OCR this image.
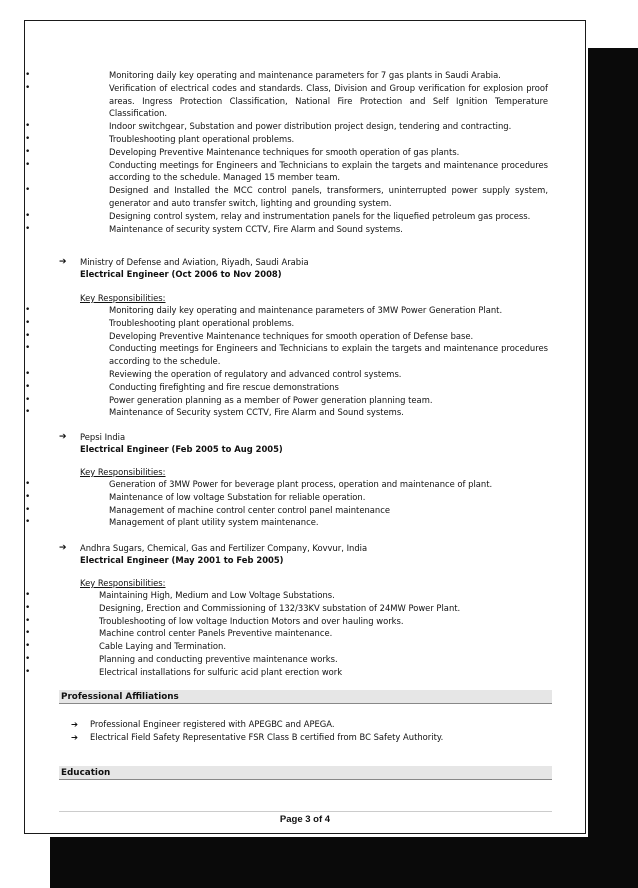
•	Monitoring daily key operating and maintenance parameters for 7 gas plants in Saudi Arabia.
•	Verification of electrical codes and standards. Class, Division and Group verification for explosion proof areas. Ingress Protection Classification, National Fire Protection and Self Ignition Temperature Classification.
•	Indoor switchgear, Substation and power distribution project design, tendering and contracting.
•	Troubleshooting plant operational problems.
•	Developing Preventive Maintenance techniques for smooth operation of gas plants.
•	Conducting meetings for Engineers and Technicians to explain the targets and maintenance procedures according to the schedule. Managed 15 member team.
•	Designed and Installed the MCC control panels, transformers, uninterrupted power supply system, generator and auto transfer switch, lighting and grounding system.
•	Designing control system, relay and instrumentation panels for the liquefied petroleum gas process.
•	Maintenance of security system CCTV, Fire Alarm and Sound systems.
➔ Ministry of Defense and Aviation, Riyadh, Saudi Arabia
Electrical Engineer (Oct 2006 to Nov 2008)
Key Responsibilities:
•	Monitoring daily key operating and maintenance parameters of 3MW Power Generation Plant.
•	Troubleshooting plant operational problems.
•	Developing Preventive Maintenance techniques for smooth operation of Defense base.
•	Conducting meetings for Engineers and Technicians to explain the targets and maintenance procedures according to the schedule.
•	Reviewing the operation of regulatory and advanced control systems.
•	Conducting firefighting and fire rescue demonstrations
•	Power generation planning as a member of Power generation planning team.
•	Maintenance of Security system CCTV, Fire Alarm and Sound systems.
➔ Pepsi India
Electrical Engineer (Feb 2005 to Aug 2005)
Key Responsibilities:
•	Generation of 3MW Power for beverage plant process, operation and maintenance of plant.
•	Maintenance of low voltage Substation for reliable operation.
•	Management of machine control center control panel maintenance
•	Management of plant utility system maintenance.
➔ Andhra Sugars, Chemical, Gas and Fertilizer Company, Kovvur, India
Electrical Engineer (May 2001 to Feb 2005)
Key Responsibilities:
•	Maintaining High, Medium and Low Voltage Substations.
•	Designing, Erection and Commissioning of 132/33KV substation of 24MW Power Plant.
•	Troubleshooting of low voltage Induction Motors and over hauling works.
•	Machine control center Panels Preventive maintenance.
•	Cable Laying and Termination.
•	Planning and conducting preventive maintenance works.
•	Electrical installations for sulfuric acid plant erection work
Professional Affiliations
➔ Professional Engineer registered with APEGBC and APEGA.
➔ Electrical Field Safety Representative FSR Class B certified from BC Safety Authority.
Education
Page 3 of 4
